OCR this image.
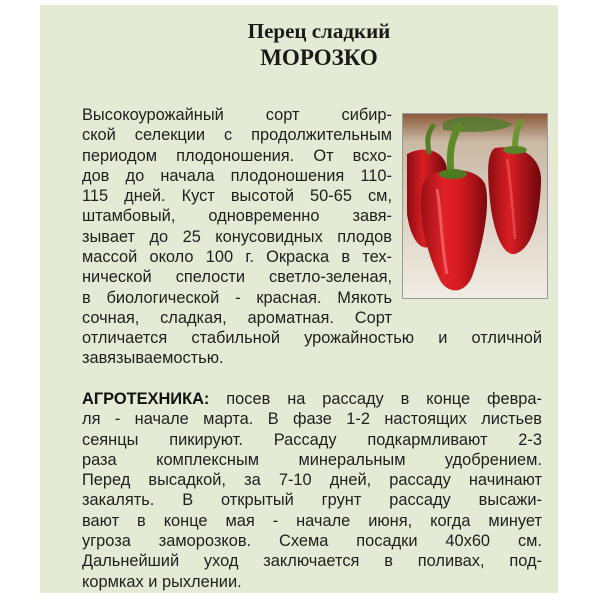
Перец сладкий
МОРОЗКО
Высокоурожайный сорт сибир-
ской селекции с продолжительным
периодом плодоношения. От всхо-
дов до начала плодоношения 110-
115 дней. Куст высотой 50-65 см,
штамбовый, одновременно завя-
зывает до 25 конусовидных плодов
массой около 100 г. Окраска в тех-
нической спелости светло-зеленая,
в биологической - красная. Мякоть
сочная, сладкая, ароматная. Сорт
отличается стабильной урожайностью и отличной
завязываемостью.
АГРОТЕХНИКА: посев на рассаду в конце февра-
ля - начале марта. В фазе 1-2 настоящих листьев
сеянцы пикируют. Рассаду подкармливают 2-3
раза комплексным минеральным удобрением.
Перед высадкой, за 7-10 дней, рассаду начинают
закалять. В открытый грунт рассаду высажи-
вают в конце мая - начале июня, когда минует
угроза заморозков. Схема посадки 40х60 см.
Дальнейший уход заключается в поливах, под-
кормках и рыхлении.
